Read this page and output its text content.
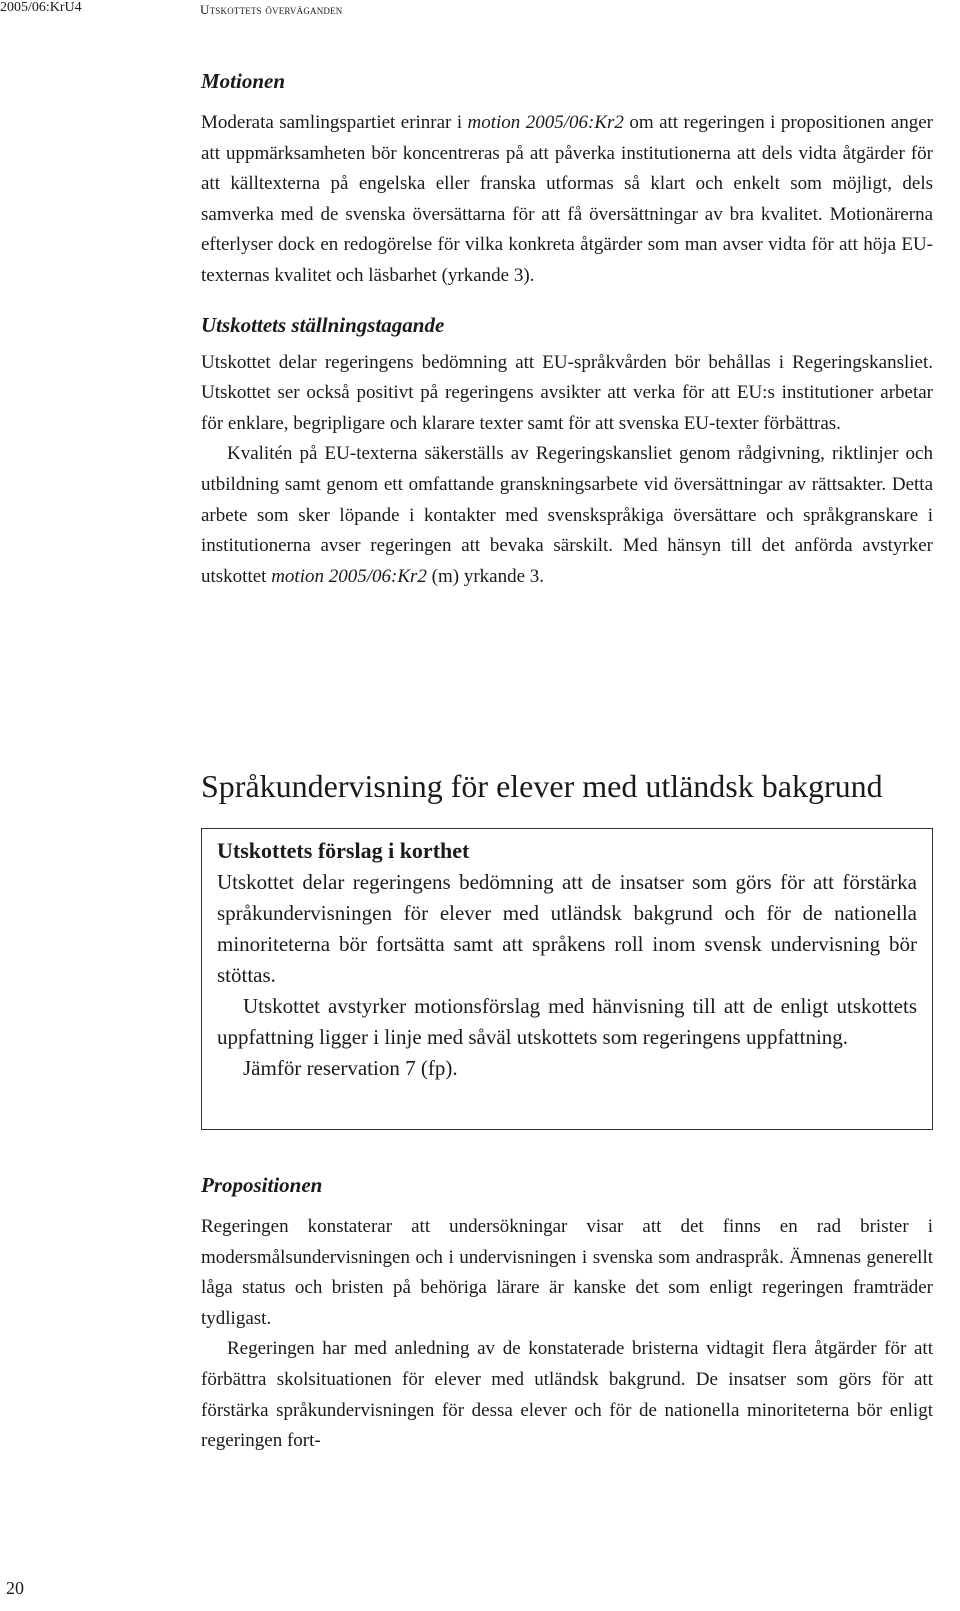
2005/06:KrU4	Utskottets överväganden
Motionen

Moderata samlingspartiet erinrar i motion 2005/06:Kr2 om att regeringen i propositionen anger att uppmärksamheten bör koncentreras på att påverka institutionerna att dels vidta åtgärder för att källtexterna på engelska eller franska utformas så klart och enkelt som möjligt, dels samverka med de svenska översättarna för att få översättningar av bra kvalitet. Motionärerna efterlyser dock en redogörelse för vilka konkreta åtgärder som man avser vidta för att höja EU-texternas kvalitet och läsbarhet (yrkande 3).

Utskottets ställningstagande

Utskottet delar regeringens bedömning att EU-språkvården bör behållas i Regeringskansliet. Utskottet ser också positivt på regeringens avsikter att verka för att EU:s institutioner arbetar för enklare, begripligare och klarare texter samt för att svenska EU-texter förbättras.

Kvalitén på EU-texterna säkerställs av Regeringskansliet genom rådgivning, riktlinjer och utbildning samt genom ett omfattande granskningsarbete vid översättningar av rättsakter. Detta arbete som sker löpande i kontakter med svenskspråkiga översättare och språkgranskare i institutionerna avser regeringen att bevaka särskilt. Med hänsyn till det anförda avstyrker utskottet motion 2005/06:Kr2 (m) yrkande 3.

Språkundervisning för elever med utländsk bakgrund
Utskottets förslag i korthet

Utskottet delar regeringens bedömning att de insatser som görs för att förstärka språkundervisningen för elever med utländsk bakgrund och för de nationella minoriteterna bör fortsätta samt att språkens roll inom svensk undervisning bör stöttas.

Utskottet avstyrker motionsförslag med hänvisning till att de enligt utskottets uppfattning ligger i linje med såväl utskottets som regeringens uppfattning.

Jämför reservation 7 (fp).

Propositionen

Regeringen konstaterar att undersökningar visar att det finns en rad brister i modersmålsundervisningen och i undervisningen i svenska som andraspråk. Ämnenas generellt låga status och bristen på behöriga lärare är kanske det som enligt regeringen framträder tydligast.

Regeringen har med anledning av de konstaterade bristerna vidtagit flera åtgärder för att förbättra skolsituationen för elever med utländsk bakgrund. De insatser som görs för att förstärka språkundervisningen för dessa elever och för de nationella minoriteterna bör enligt regeringen fort-

20
